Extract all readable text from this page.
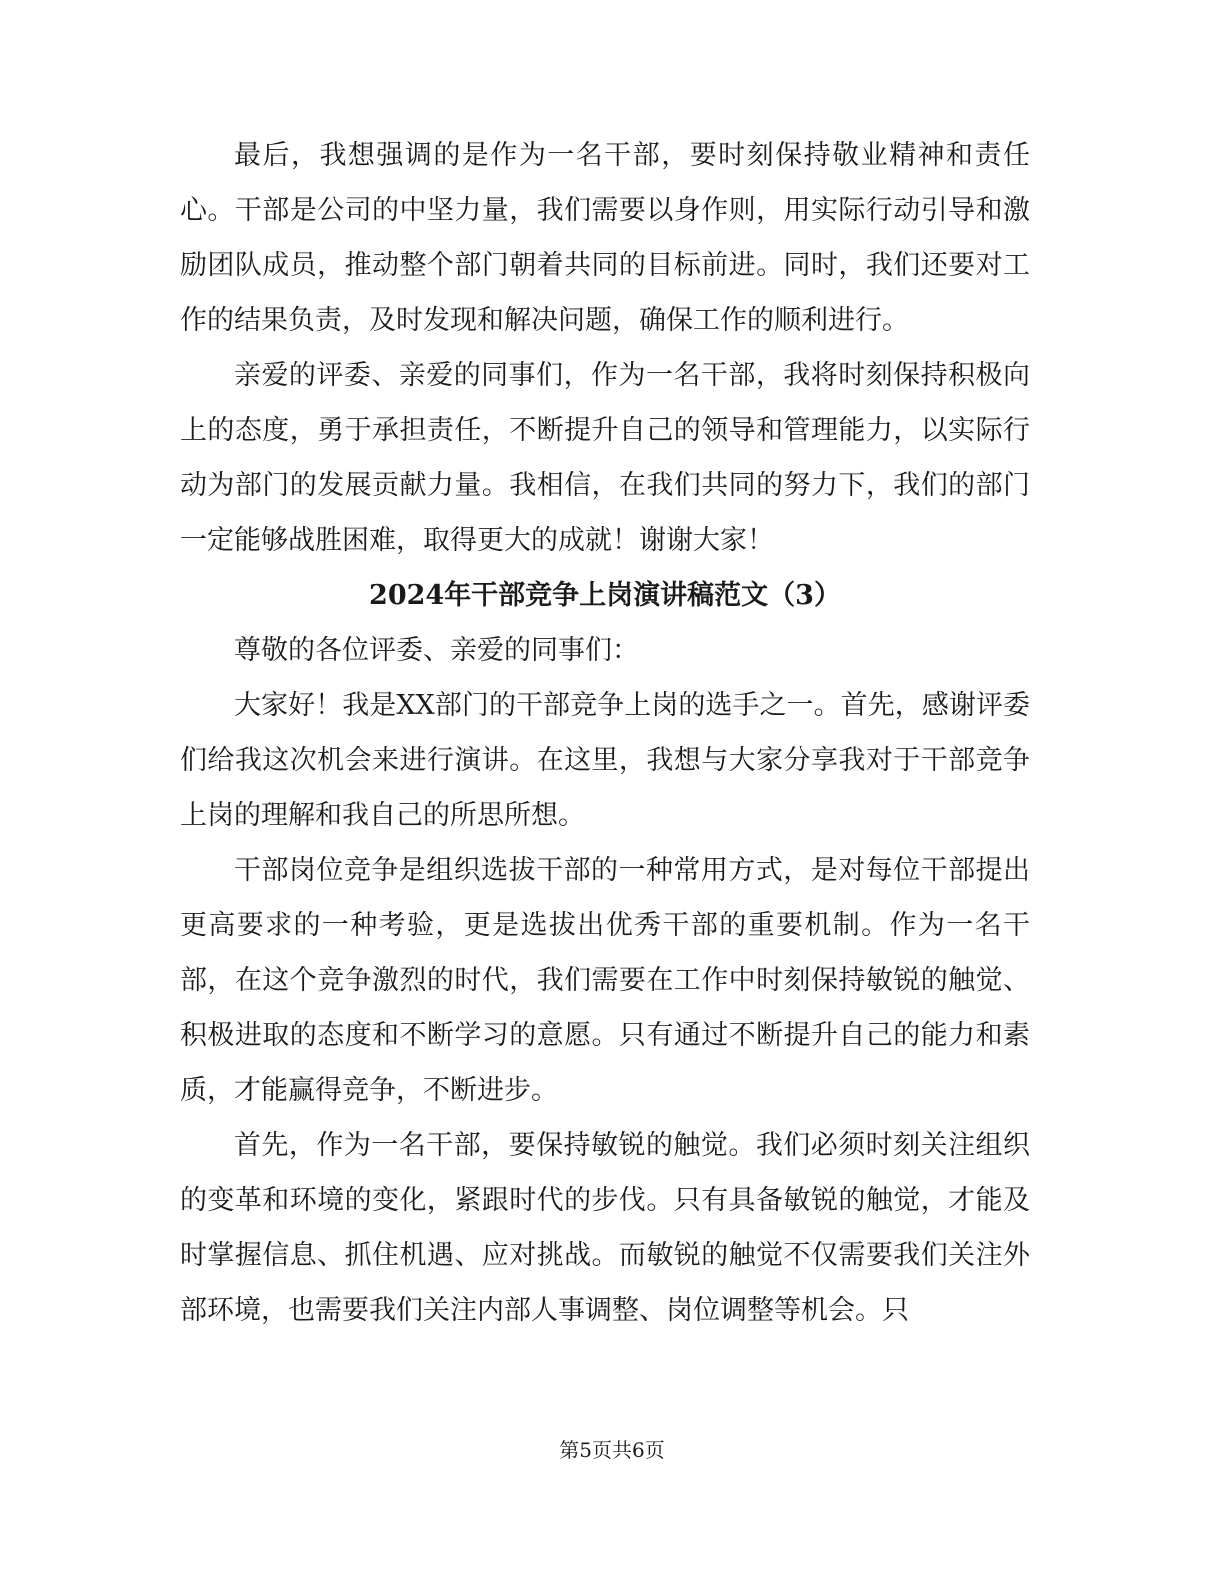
最后，我想强调的是作为一名干部，要时刻保持敬业精神和责任心。干部是公司的中坚力量，我们需要以身作则，用实际行动引导和激励团队成员，推动整个部门朝着共同的目标前进。同时，我们还要对工作的结果负责，及时发现和解决问题，确保工作的顺利进行。

亲爱的评委、亲爱的同事们，作为一名干部，我将时刻保持积极向上的态度，勇于承担责任，不断提升自己的领导和管理能力，以实际行动为部门的发展贡献力量。我相信，在我们共同的努力下，我们的部门一定能够战胜困难，取得更大的成就！谢谢大家！

2024年干部竞争上岗演讲稿范文（3）

尊敬的各位评委、亲爱的同事们：

大家好！我是XX部门的干部竞争上岗的选手之一。首先，感谢评委们给我这次机会来进行演讲。在这里，我想与大家分享我对于干部竞争上岗的理解和我自己的所思所想。

干部岗位竞争是组织选拔干部的一种常用方式，是对每位干部提出更高要求的一种考验，更是选拔出优秀干部的重要机制。作为一名干部，在这个竞争激烈的时代，我们需要在工作中时刻保持敏锐的触觉、积极进取的态度和不断学习的意愿。只有通过不断提升自己的能力和素质，才能赢得竞争，不断进步。

首先，作为一名干部，要保持敏锐的触觉。我们必须时刻关注组织的变革和环境的变化，紧跟时代的步伐。只有具备敏锐的触觉，才能及时掌握信息、抓住机遇、应对挑战。而敏锐的触觉不仅需要我们关注外部环境，也需要我们关注内部人事调整、岗位调整等机会。只

第5页共6页
